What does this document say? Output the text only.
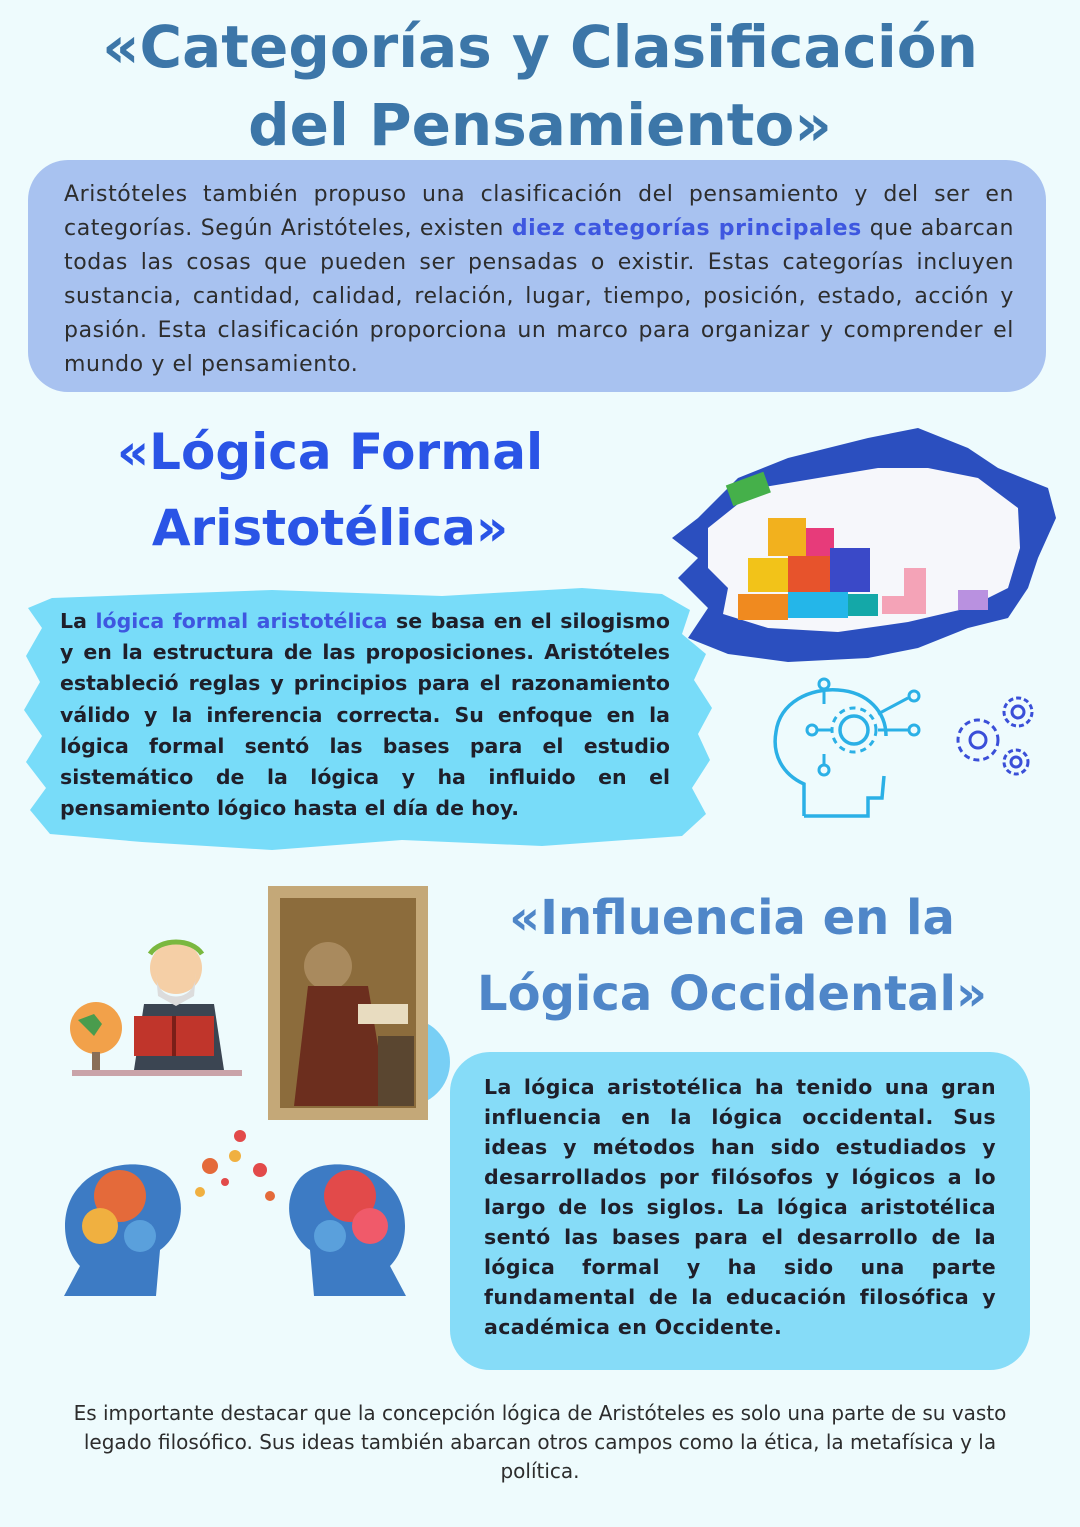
«Categorías y Clasificación del Pensamiento»

Aristóteles también propuso una clasificación del pensamiento y del ser en categorías. Según Aristóteles, existen diez categorías principales que abarcan todas las cosas que pueden ser pensadas o existir. Estas categorías incluyen sustancia, cantidad, calidad, relación, lugar, tiempo, posición, estado, acción y pasión. Esta clasificación proporciona un marco para organizar y comprender el mundo y el pensamiento.

«Lógica Formal Aristotélica»

La lógica formal aristotélica se basa en el silogismo y en la estructura de las proposiciones. Aristóteles estableció reglas y principios para el razonamiento válido y la inferencia correcta. Su enfoque en la lógica formal sentó las bases para el estudio sistemático de la lógica y ha influido en el pensamiento lógico hasta el día de hoy.

«Influencia en la Lógica Occidental»

La lógica aristotélica ha tenido una gran influencia en la lógica occidental. Sus ideas y métodos han sido estudiados y desarrollados por filósofos y lógicos a lo largo de los siglos. La lógica aristotélica sentó las bases para el desarrollo de la lógica formal y ha sido una parte fundamental de la educación filosófica y académica en Occidente.

Es importante destacar que la concepción lógica de Aristóteles es solo una parte de su vasto legado filosófico. Sus ideas también abarcan otros campos como la ética, la metafísica y la política.
